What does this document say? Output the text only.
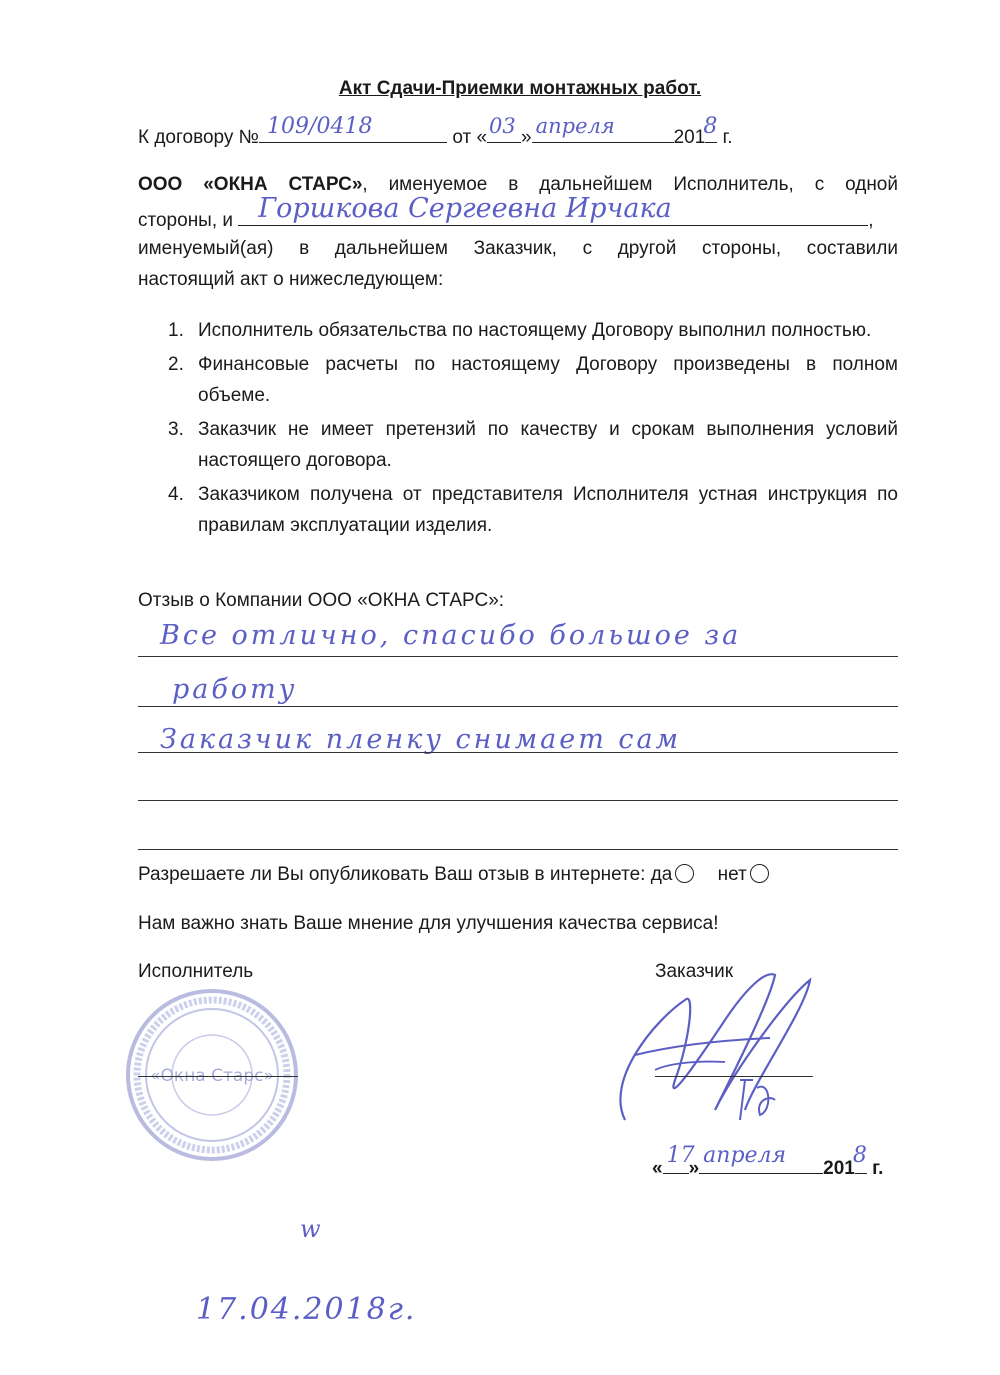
Акт Сдачи-Приемки монтажных работ.
К договору № 109/0418	от « 03 » апреля	201
8 г.
ООО «ОКНА СТАРС», именуемое в дальнейшем Исполнитель, с одной
стороны, и Горшкова Сергеевна Ирчака	,
именуемый(ая) в дальнейшем Заказчик, с другой стороны, составили
настоящий акт о нижеследующем:
1. Исполнитель обязательства по настоящему Договору выполнил полностью.
2. Финансовые расчеты по настоящему Договору произведены в полном объеме.
3. Заказчик не имеет претензий по качеству и срокам выполнения условий настоящего договора.
4. Заказчиком получена от представителя Исполнителя устная инструкция по правилам эксплуатации изделия.
Отзыв о Компании ООО «ОКНА СТАРС»:
Все отлично, спасибо большое за
работу
Заказчик пленку снимает сам
Разрешаете ли Вы опубликовать Ваш отзыв в интернете: да нет
Нам важно знать Ваше мнение для улучшения качества сервиса!
Исполнитель	Заказчик
«Окна Старс»
«
17
»
апреля
201
8
г.
w
17.04.2018г.
